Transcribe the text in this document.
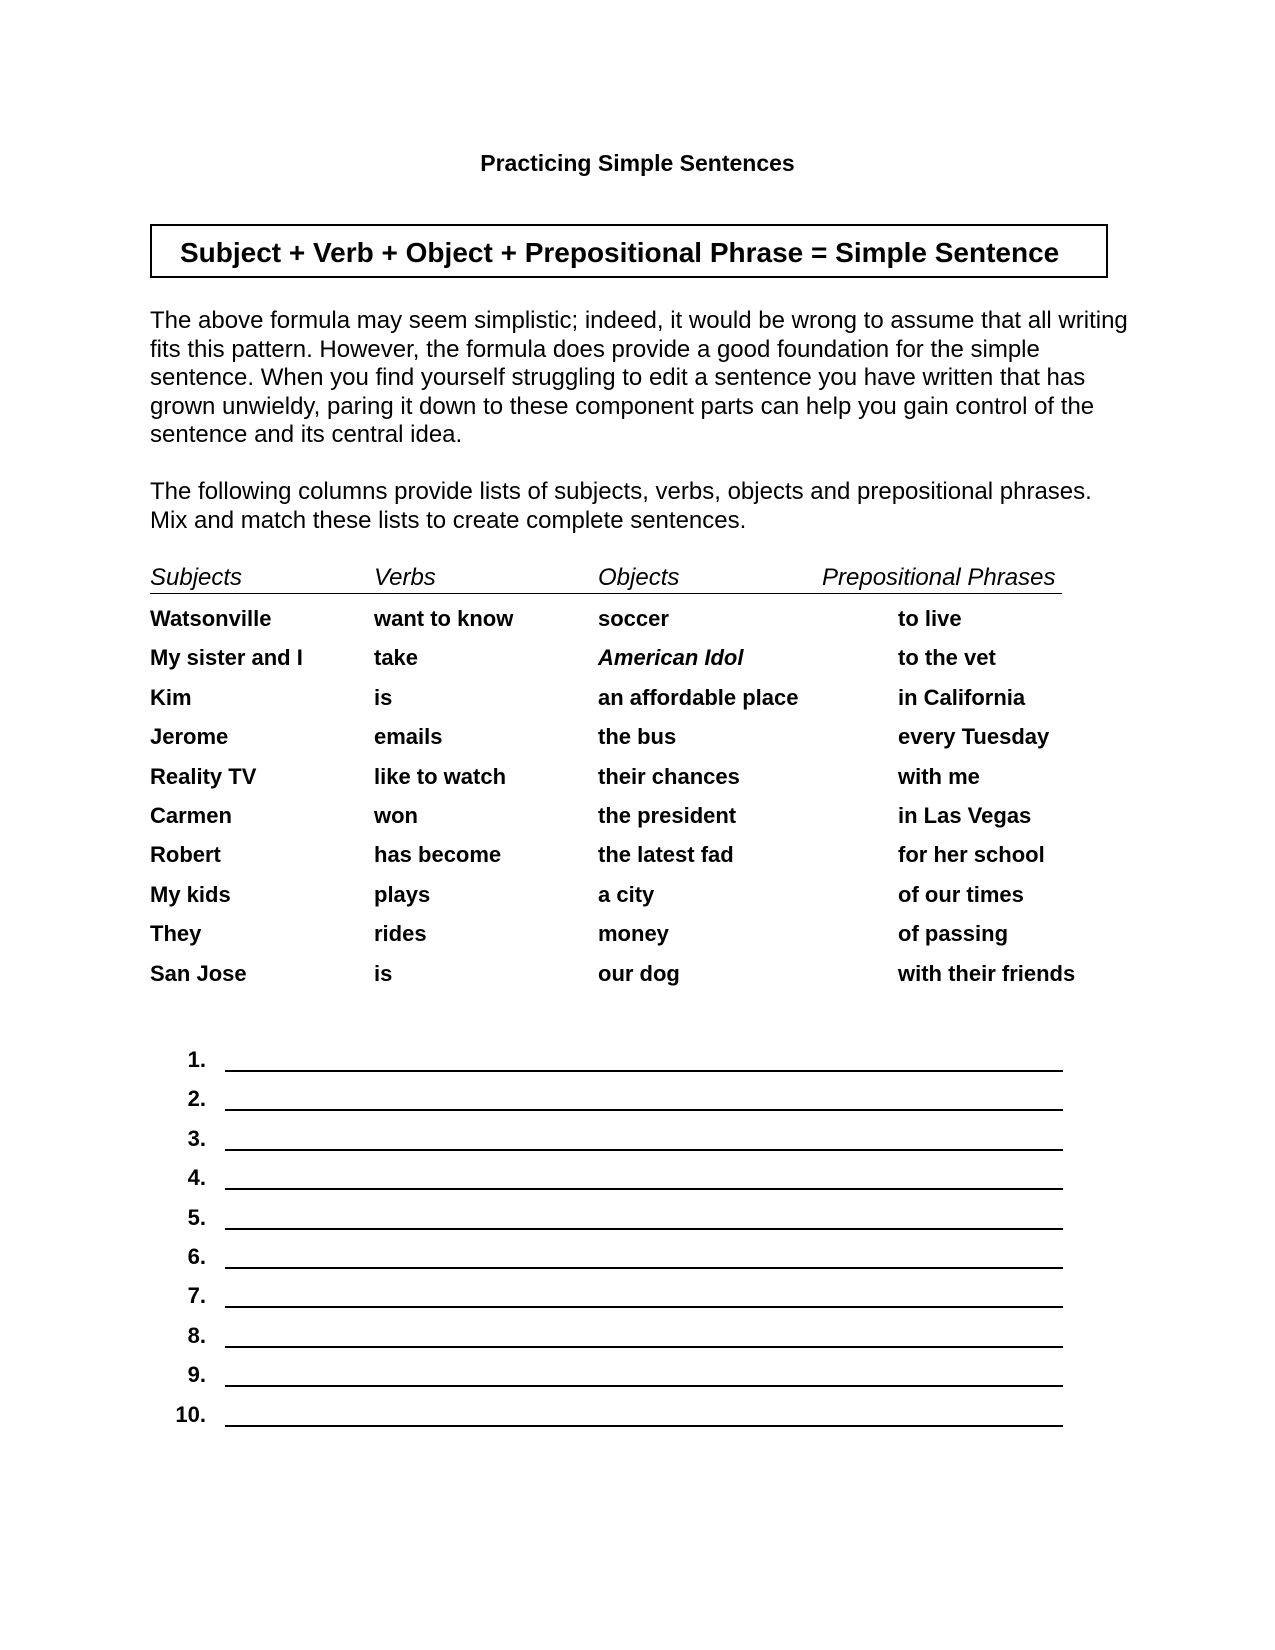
Practicing Simple Sentences
Subject + Verb + Object + Prepositional Phrase = Simple Sentence

The above formula may seem simplistic; indeed, it would be wrong to assume that all writing fits this pattern. However, the formula does provide a good foundation for the simple sentence. When you find yourself struggling to edit a sentence you have written that has grown unwieldy, paring it down to these component parts can help you gain control of the sentence and its central idea.

The following columns provide lists of subjects, verbs, objects and prepositional phrases. Mix and match these lists to create complete sentences.

Subjects	Verbs	Objects	Prepositional Phrases
Watsonville	want to know	soccer	to live
My sister and I	take	American Idol	to the vet
Kim	is	an affordable place	in California
Jerome	emails	the bus	every Tuesday
Reality TV	like to watch	their chances	with me
Carmen	won	the president	in Las Vegas
Robert	has become	the latest fad	for her school
My kids	plays	a city	of our times
They	rides	money	of passing
San Jose	is	our dog	with their friends
1.
2.
3.
4.
5.
6.
7.
8.
9.
10.
